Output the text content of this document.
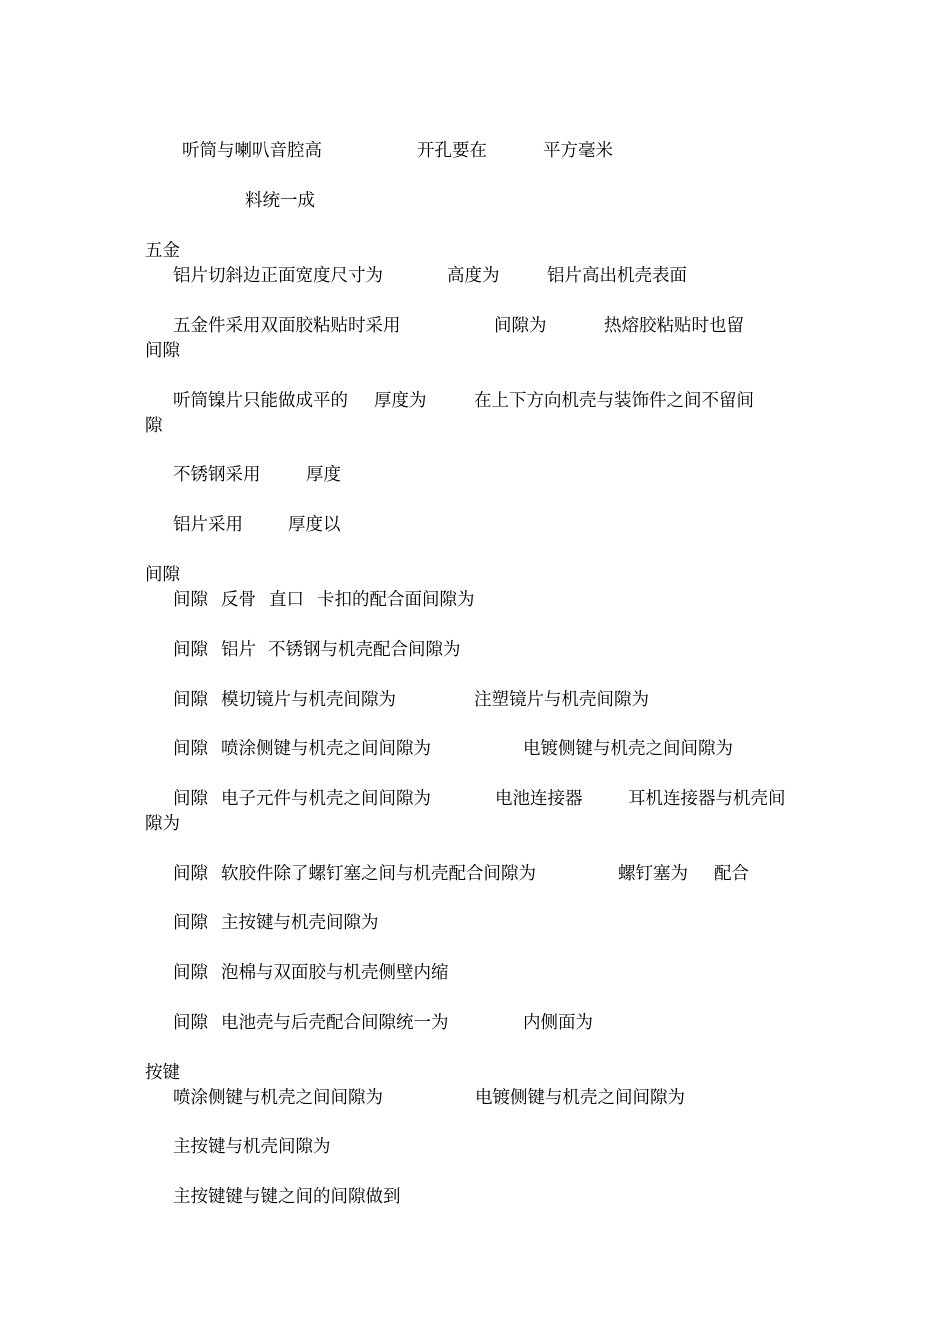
听筒与喇叭音腔高	开孔要在	平方毫米
料统一成
五金
铝片切斜边正面宽度尺寸为	高度为	铝片高出机壳表面
五金件采用双面胶粘贴时采用	间隙为	热熔胶粘贴时也留
间隙
听筒镍片只能做成平的 厚度为	在上下方向机壳与装饰件之间不留间
隙
不锈钢采用	厚度
铝片采用	厚度以
间隙
间隙 反骨 直口 卡扣的配合面间隙为
间隙 铝片 不锈钢与机壳配合间隙为
间隙 模切镜片与机壳间隙为	注塑镜片与机壳间隙为
间隙 喷涂侧键与机壳之间间隙为	电镀侧键与机壳之间间隙为
间隙 电子元件与机壳之间间隙为	电池连接器	耳机连接器与机壳间
隙为
间隙 软胶件除了螺钉塞之间与机壳配合间隙为	螺钉塞为 配合
间隙 主按键与机壳间隙为
间隙 泡棉与双面胶与机壳侧壁内缩
间隙 电池壳与后壳配合间隙统一为	内侧面为
按键
喷涂侧键与机壳之间间隙为	电镀侧键与机壳之间间隙为
主按键与机壳间隙为
主按键键与键之间的间隙做到
